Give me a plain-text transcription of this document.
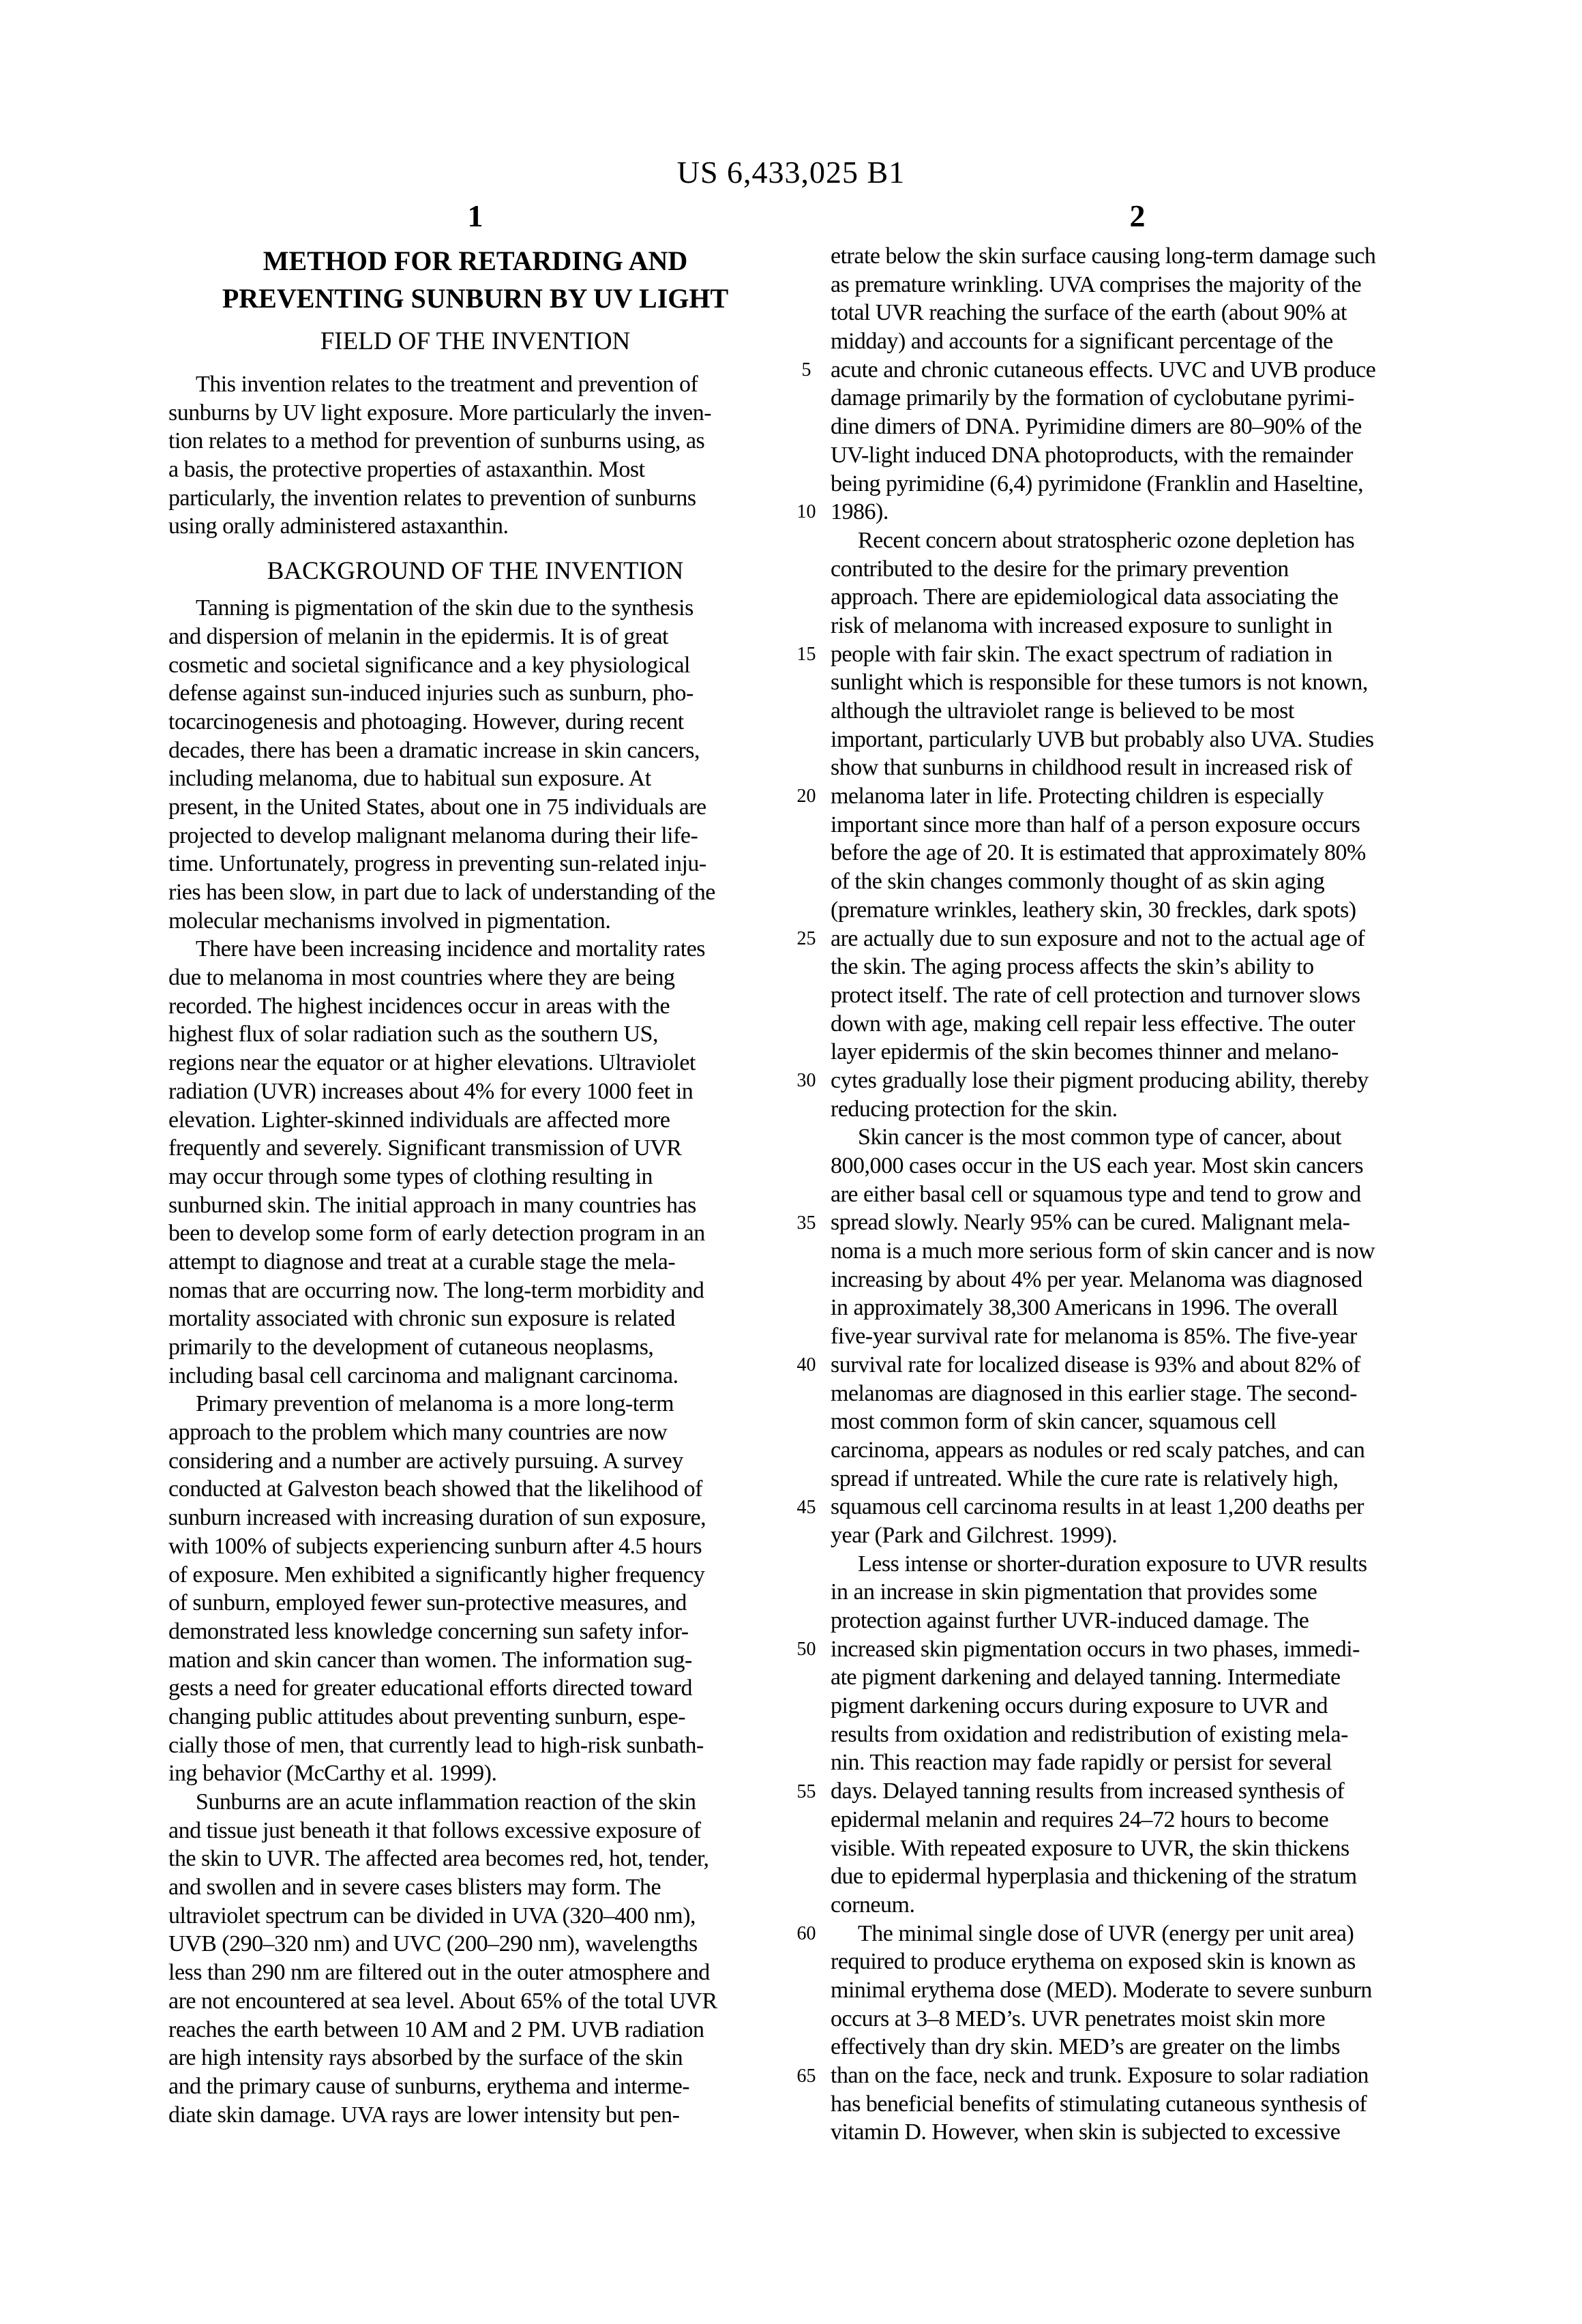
US 6,433,025 B1
1	2
METHOD FOR RETARDING AND
PREVENTING SUNBURN BY UV LIGHT
FIELD OF THE INVENTION
This invention relates to the treatment and prevention of
sunburns by UV light exposure. More particularly the inven-
tion relates to a method for prevention of sunburns using, as
a basis, the protective properties of astaxanthin. Most
particularly, the invention relates to prevention of sunburns
using orally administered astaxanthin.
BACKGROUND OF THE INVENTION
Tanning is pigmentation of the skin due to the synthesis
and dispersion of melanin in the epidermis. It is of great
cosmetic and societal significance and a key physiological
defense against sun-induced injuries such as sunburn, pho-
tocarcinogenesis and photoaging. However, during recent
decades, there has been a dramatic increase in skin cancers,
including melanoma, due to habitual sun exposure. At
present, in the United States, about one in 75 individuals are
projected to develop malignant melanoma during their life-
time. Unfortunately, progress in preventing sun-related inju-
ries has been slow, in part due to lack of understanding of the
molecular mechanisms involved in pigmentation.
There have been increasing incidence and mortality rates
due to melanoma in most countries where they are being
recorded. The highest incidences occur in areas with the
highest flux of solar radiation such as the southern US,
regions near the equator or at higher elevations. Ultraviolet
radiation (UVR) increases about 4% for every 1000 feet in
elevation. Lighter-skinned individuals are affected more
frequently and severely. Significant transmission of UVR
may occur through some types of clothing resulting in
sunburned skin. The initial approach in many countries has
been to develop some form of early detection program in an
attempt to diagnose and treat at a curable stage the mela-
nomas that are occurring now. The long-term morbidity and
mortality associated with chronic sun exposure is related
primarily to the development of cutaneous neoplasms,
including basal cell carcinoma and malignant carcinoma.
Primary prevention of melanoma is a more long-term
approach to the problem which many countries are now
considering and a number are actively pursuing. A survey
conducted at Galveston beach showed that the likelihood of
sunburn increased with increasing duration of sun exposure,
with 100% of subjects experiencing sunburn after 4.5 hours
of exposure. Men exhibited a significantly higher frequency
of sunburn, employed fewer sun-protective measures, and
demonstrated less knowledge concerning sun safety infor-
mation and skin cancer than women. The information sug-
gests a need for greater educational efforts directed toward
changing public attitudes about preventing sunburn, espe-
cially those of men, that currently lead to high-risk sunbath-
ing behavior (McCarthy et al. 1999).
Sunburns are an acute inflammation reaction of the skin
and tissue just beneath it that follows excessive exposure of
the skin to UVR. The affected area becomes red, hot, tender,
and swollen and in severe cases blisters may form. The
ultraviolet spectrum can be divided in UVA (320–400 nm),
UVB (290–320 nm) and UVC (200–290 nm), wavelengths
less than 290 nm are filtered out in the outer atmosphere and
are not encountered at sea level. About 65% of the total UVR
reaches the earth between 10 AM and 2 PM. UVB radiation
are high intensity rays absorbed by the surface of the skin
and the primary cause of sunburns, erythema and interme-
diate skin damage. UVA rays are lower intensity but pen-
etrate below the skin surface causing long-term damage such
as premature wrinkling. UVA comprises the majority of the
total UVR reaching the surface of the earth (about 90% at
midday) and accounts for a significant percentage of the
acute and chronic cutaneous effects. UVC and UVB produce
damage primarily by the formation of cyclobutane pyrimi-
dine dimers of DNA. Pyrimidine dimers are 80–90% of the
UV-light induced DNA photoproducts, with the remainder
being pyrimidine (6,4) pyrimidone (Franklin and Haseltine,
1986).
Recent concern about stratospheric ozone depletion has
contributed to the desire for the primary prevention
approach. There are epidemiological data associating the
risk of melanoma with increased exposure to sunlight in
people with fair skin. The exact spectrum of radiation in
sunlight which is responsible for these tumors is not known,
although the ultraviolet range is believed to be most
important, particularly UVB but probably also UVA. Studies
show that sunburns in childhood result in increased risk of
melanoma later in life. Protecting children is especially
important since more than half of a person exposure occurs
before the age of 20. It is estimated that approximately 80%
of the skin changes commonly thought of as skin aging
(premature wrinkles, leathery skin, 30 freckles, dark spots)
are actually due to sun exposure and not to the actual age of
the skin. The aging process affects the skin’s ability to
protect itself. The rate of cell protection and turnover slows
down with age, making cell repair less effective. The outer
layer epidermis of the skin becomes thinner and melano-
cytes gradually lose their pigment producing ability, thereby
reducing protection for the skin.
Skin cancer is the most common type of cancer, about
800,000 cases occur in the US each year. Most skin cancers
are either basal cell or squamous type and tend to grow and
spread slowly. Nearly 95% can be cured. Malignant mela-
noma is a much more serious form of skin cancer and is now
increasing by about 4% per year. Melanoma was diagnosed
in approximately 38,300 Americans in 1996. The overall
five-year survival rate for melanoma is 85%. The five-year
survival rate for localized disease is 93% and about 82% of
melanomas are diagnosed in this earlier stage. The second-
most common form of skin cancer, squamous cell
carcinoma, appears as nodules or red scaly patches, and can
spread if untreated. While the cure rate is relatively high,
squamous cell carcinoma results in at least 1,200 deaths per
year (Park and Gilchrest. 1999).
Less intense or shorter-duration exposure to UVR results
in an increase in skin pigmentation that provides some
protection against further UVR-induced damage. The
increased skin pigmentation occurs in two phases, immedi-
ate pigment darkening and delayed tanning. Intermediate
pigment darkening occurs during exposure to UVR and
results from oxidation and redistribution of existing mela-
nin. This reaction may fade rapidly or persist for several
days. Delayed tanning results from increased synthesis of
epidermal melanin and requires 24–72 hours to become
visible. With repeated exposure to UVR, the skin thickens
due to epidermal hyperplasia and thickening of the stratum
corneum.
The minimal single dose of UVR (energy per unit area)
required to produce erythema on exposed skin is known as
minimal erythema dose (MED). Moderate to severe sunburn
occurs at 3–8 MED’s. UVR penetrates moist skin more
effectively than dry skin. MED’s are greater on the limbs
than on the face, neck and trunk. Exposure to solar radiation
has beneficial benefits of stimulating cutaneous synthesis of
vitamin D. However, when skin is subjected to excessive
5
10
15
20
25
30
35
40
45
50
55
60
65
